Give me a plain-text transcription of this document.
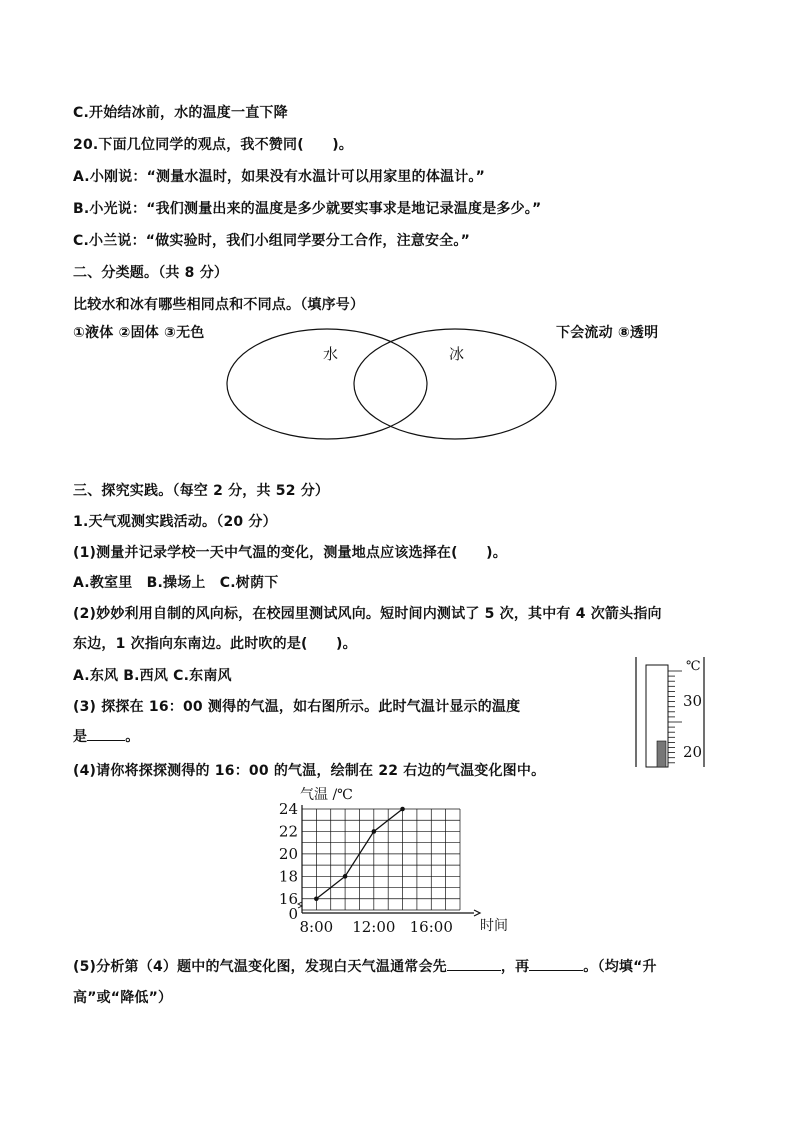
C.开始结冰前，水的温度一直下降
20.下面几位同学的观点，我不赞同(　　)。
A.小刚说：“测量水温时，如果没有水温计可以用家里的体温计。”
B.小光说：“我们测量出来的温度是多少就要实事求是地记录温度是多少。”
C.小兰说：“做实验时，我们小组同学要分工合作，注意安全。”
二、分类题。（共 8 分）
比较水和冰有哪些相同点和不同点。（填序号）
①液体 ②固体 ③无色	下会流动 ⑧透明
水	冰
三、探究实践。（每空 2 分，共 52 分）
1.天气观测实践活动。（20 分）
(1)测量并记录学校一天中气温的变化，测量地点应该选择在(　　)。
A.教室里　B.操场上　C.树荫下
(2)妙妙利用自制的风向标，在校园里测试风向。短时间内测试了 5 次，其中有 4 次箭头指向
东边，1 次指向东南边。此时吹的是(　　)。
A.东风 B.西风 C.东南风
(3) 探探在 16：00 测得的气温，如右图所示。此时气温计显示的温度
是	。
(4)请你将探探测得的 16：00 的气温，绘制在 22 右边的气温变化图中。
℃
30
20
气温 /℃
时间
0
16
18
20
22
24
8:00 12:00 16:00
(5)分析第（4）题中的气温变化图，发现白天气温通常会先	，再	。（均填“升
高”或“降低”）
